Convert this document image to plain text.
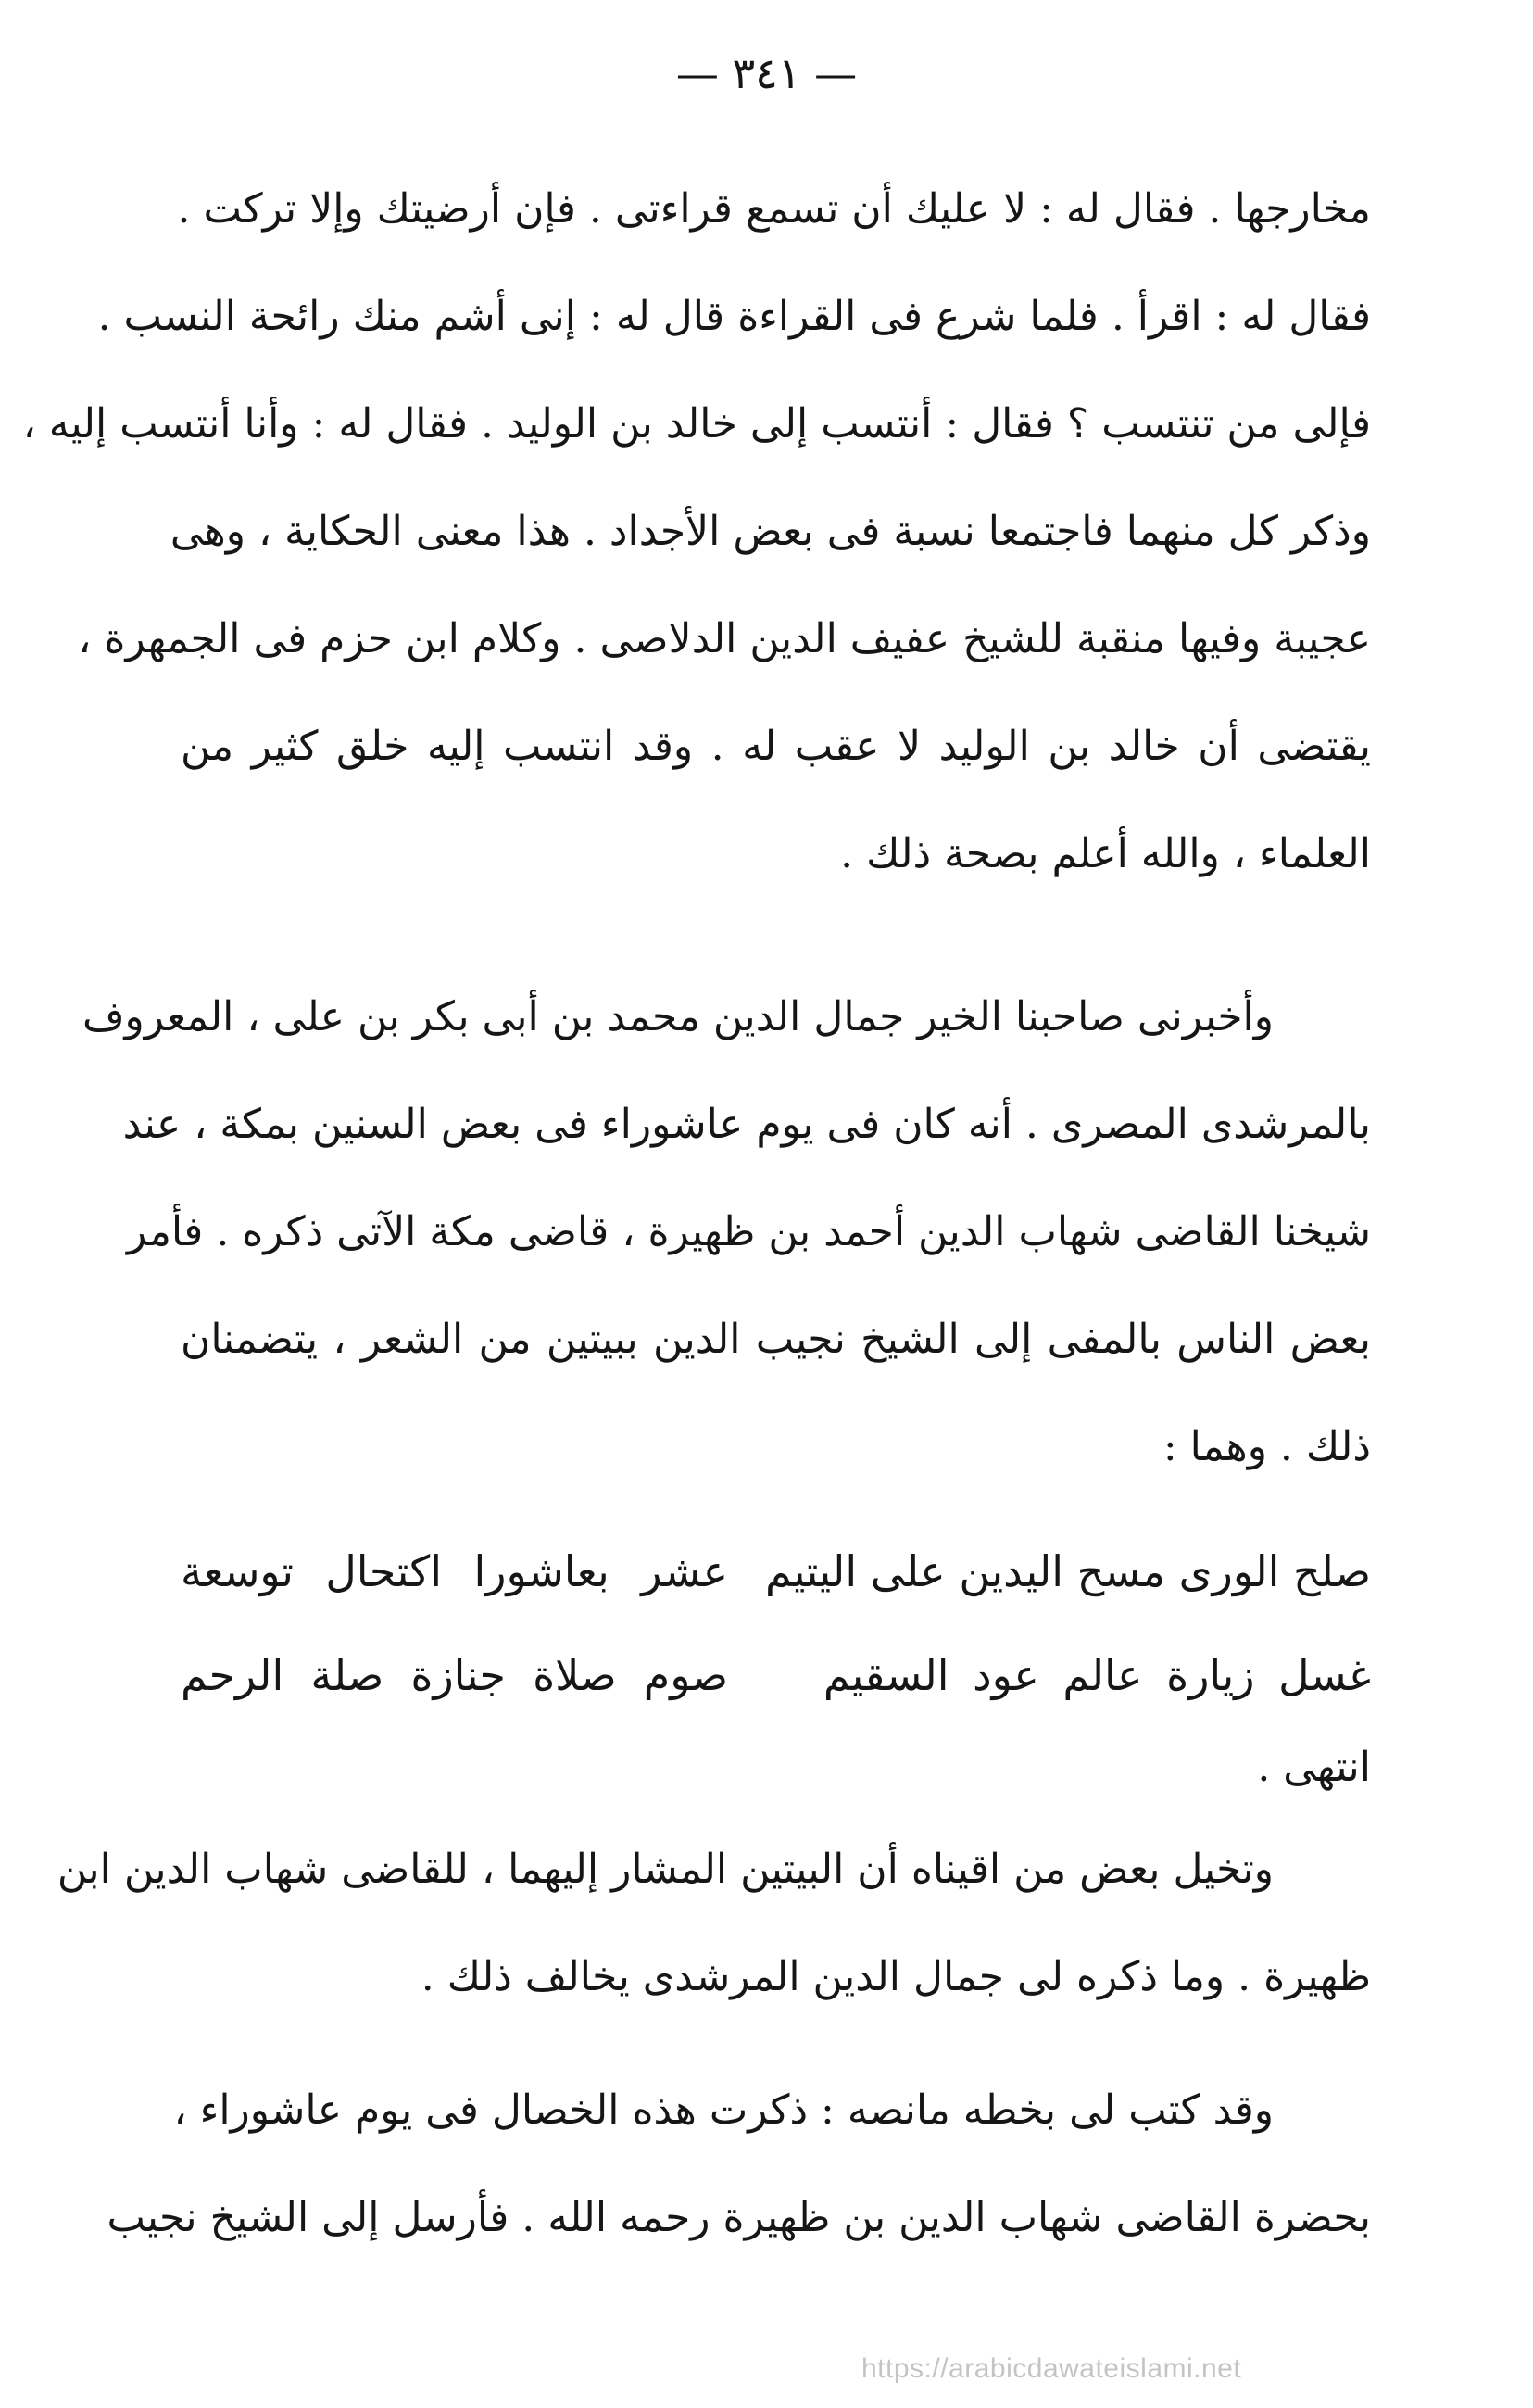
— ٣٤١ —
مخارجها . فقال له : لا عليك أن تسمع قراءتى . فإن أرضيتك وإلا تركت .
فقال له : اقرأ . فلما شرع فى القراءة قال له : إنى أشم منك رائحة النسب .
فإلى من تنتسب ؟ فقال : أنتسب إلى خالد بن الوليد . فقال له : وأنا أنتسب إليه ،
وذكر كل منهما فاجتمعا نسبة فى بعض الأجداد . هذا معنى الحكاية ، وهى
عجيبة وفيها منقبة للشيخ عفيف الدين الدلاصى . وكلام ابن حزم فى الجمهرة ،
يقتضى أن خالد بن الوليد لا عقب له . وقد انتسب إليه خلق كثير من
العلماء ، والله أعلم بصحة ذلك .
وأخبرنى صاحبنا الخير جمال الدين محمد بن أبى بكر بن على ، المعروف
بالمرشدى المصرى . أنه كان فى يوم عاشوراء فى بعض السنين بمكة ، عند
شيخنا القاضى شهاب الدين أحمد بن ظهيرة ، قاضى مكة الآتى ذكره . فأمر
بعض الناس بالمفى إلى الشيخ نجيب الدين ببيتين من الشعر ، يتضمنان
ذلك . وهما :
صلح الورى مسح اليدين على اليتيم
عشر بعاشورا اكتحال توسعة
غسل زيارة عالم عود السقيم
صوم صلاة جنازة صلة الرحم
انتهى .
وتخيل بعض من اقيناه أن البيتين المشار إليهما ، للقاضى شهاب الدين ابن
ظهيرة . وما ذكره لى جمال الدين المرشدى يخالف ذلك .
وقد كتب لى بخطه مانصه : ذكرت هذه الخصال فى يوم عاشوراء ،
بحضرة القاضى شهاب الدين بن ظهيرة رحمه الله . فأرسل إلى الشيخ نجيب
https://arabicdawateislami.net
